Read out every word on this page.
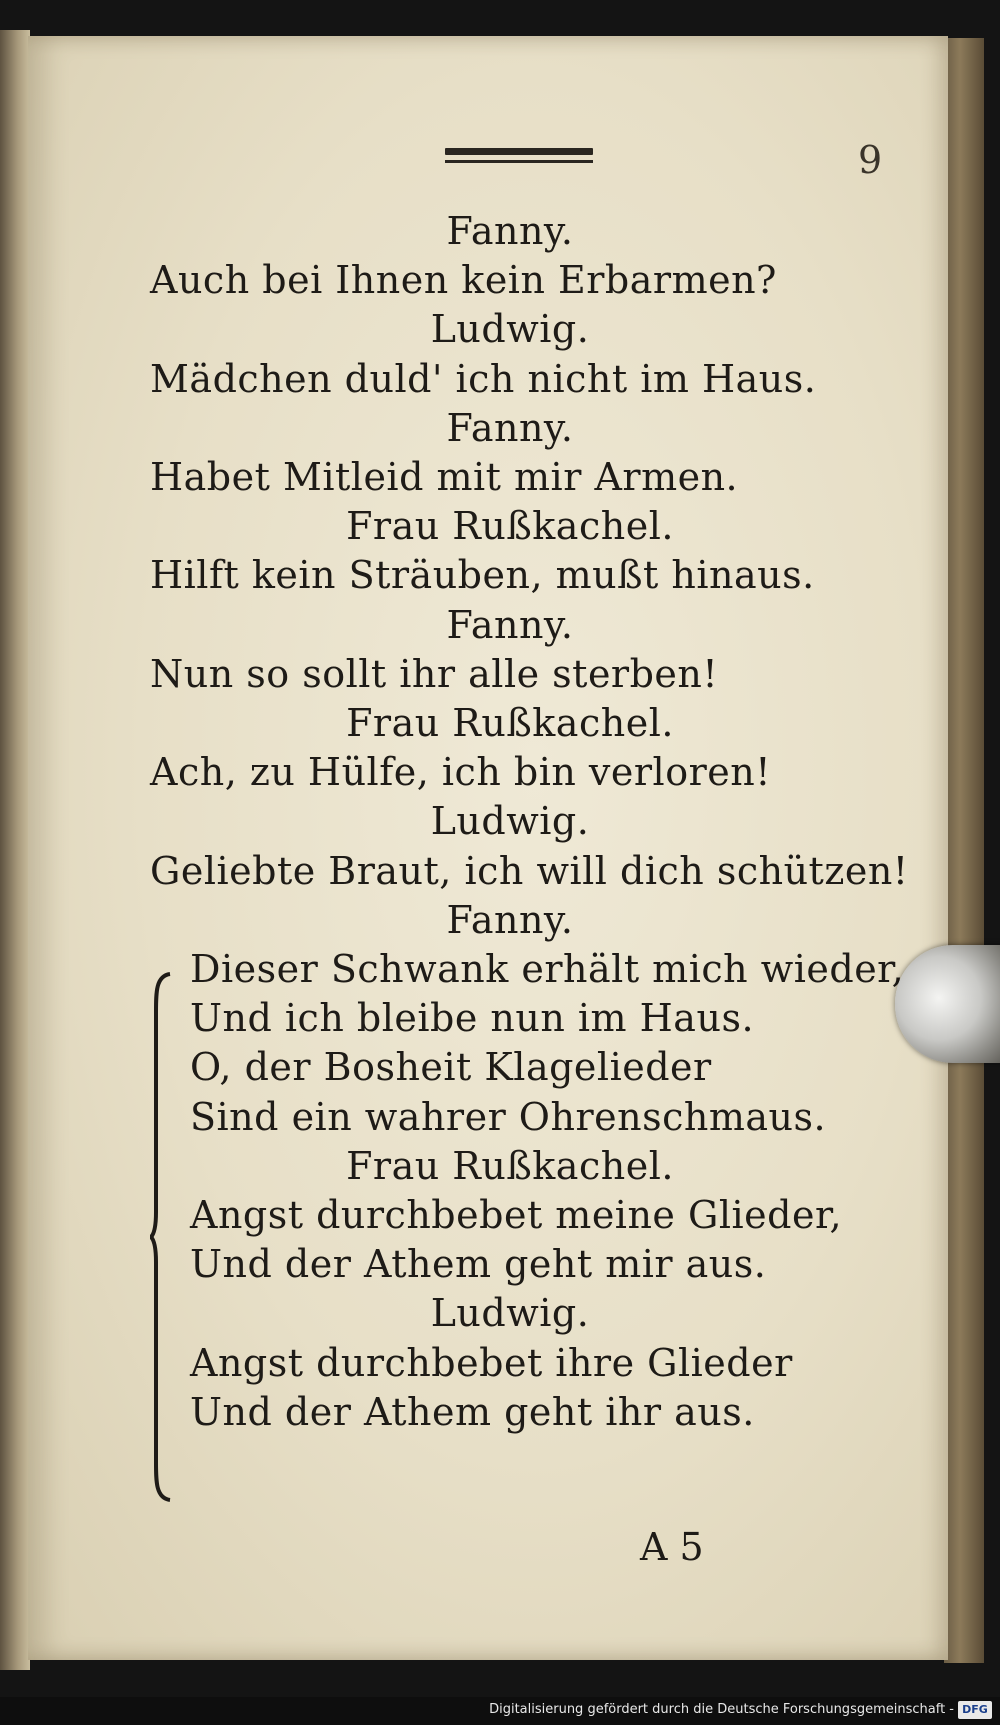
9
Fanny.
Auch bei Ihnen kein Erbarmen?
Ludwig.
Mädchen duld' ich nicht im Haus.
Fanny.
Habet Mitleid mit mir Armen.
Frau Rußkachel.
Hilft kein Sträuben, mußt hinaus.
Fanny.
Nun so sollt ihr alle sterben!
Frau Rußkachel.
Ach, zu Hülfe, ich bin verloren!
Ludwig.
Geliebte Braut, ich will dich schützen!
Fanny.
Dieser Schwank erhält mich wieder,
Und ich bleibe nun im Haus.
O, der Bosheit Klagelieder
Sind ein wahrer Ohrenschmaus.
Frau Rußkachel.
Angst durchbebet meine Glieder,
Und der Athem geht mir aus.
Ludwig.
Angst durchbebet ihre Glieder
Und der Athem geht ihr aus.
A 5
Digitalisierung gefördert durch die Deutsche Forschungsgemeinschaft - DFG
